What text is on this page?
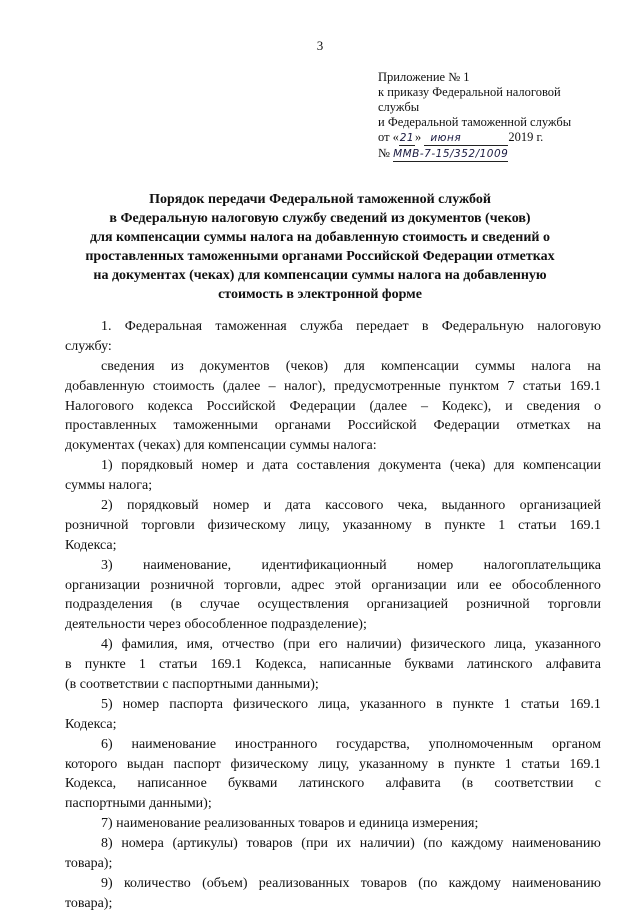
3
Приложение № 1
к приказу Федеральной налоговой
службы
и Федеральной таможенной службы
от «21» июня	2019 г.
№ ММВ-7-15/352/1009
Порядок передачи Федеральной таможенной службой
в Федеральную налоговую службу сведений из документов (чеков)
для компенсации суммы налога на добавленную стоимость и сведений о
проставленных таможенными органами Российской Федерации отметках
на документах (чеках) для компенсации суммы налога на добавленную
стоимость в электронной форме
1. Федеральная таможенная служба передает в Федеральную налоговую
службу:
сведения из документов (чеков) для компенсации суммы налога на
добавленную стоимость (далее – налог), предусмотренные пунктом 7 статьи 169.1
Налогового кодекса Российской Федерации (далее – Кодекс), и сведения о
проставленных таможенными органами Российской Федерации отметках на
документах (чеках) для компенсации суммы налога:
1) порядковый номер и дата составления документа (чека) для компенсации
суммы налога;
2) порядковый номер и дата кассового чека, выданного организацией
розничной торговли физическому лицу, указанному в пункте 1 статьи 169.1
Кодекса;
3) наименование, идентификационный номер налогоплательщика
организации розничной торговли, адрес этой организации или ее обособленного
подразделения (в случае осуществления организацией розничной торговли
деятельности через обособленное подразделение);
4) фамилия, имя, отчество (при его наличии) физического лица, указанного
в пункте 1 статьи 169.1 Кодекса, написанные буквами латинского алфавита
(в соответствии с паспортными данными);
5) номер паспорта физического лица, указанного в пункте 1 статьи 169.1
Кодекса;
6) наименование иностранного государства, уполномоченным органом
которого выдан паспорт физическому лицу, указанному в пункте 1 статьи 169.1
Кодекса, написанное буквами латинского алфавита (в соответствии с
паспортными данными);
7) наименование реализованных товаров и единица измерения;
8) номера (артикулы) товаров (при их наличии) (по каждому наименованию
товара);
9) количество (объем) реализованных товаров (по каждому наименованию
товара);
